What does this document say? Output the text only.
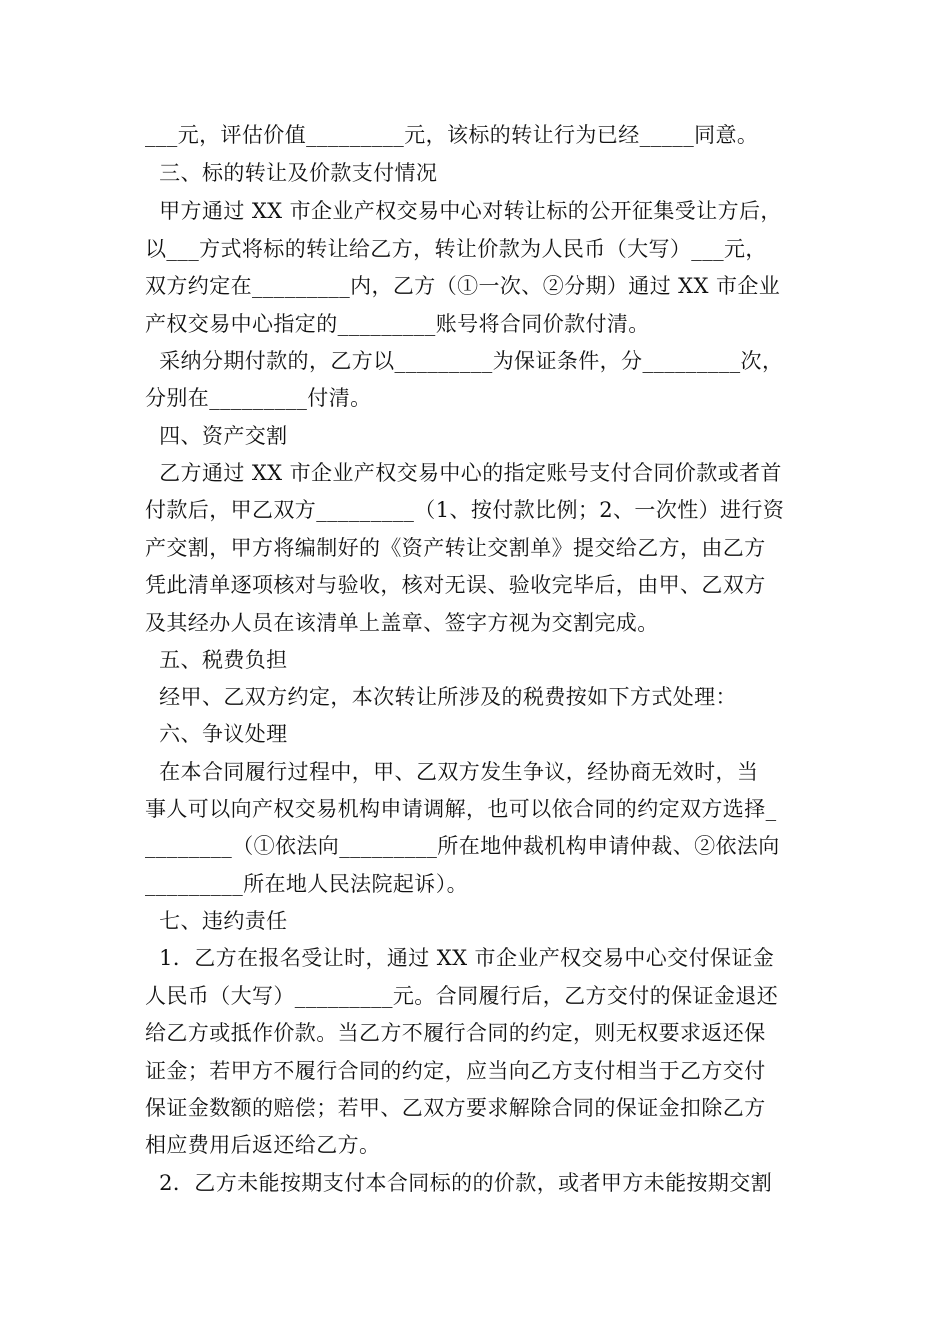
___元，评估价值_________元，该标的转让行为已经_____同意。
三、标的转让及价款支付情况
甲方通过 XX 市企业产权交易中心对转让标的公开征集受让方后，
以___方式将标的转让给乙方，转让价款为人民币（大写）___元，
双方约定在_________内，乙方（①一次、②分期）通过 XX 市企业
产权交易中心指定的_________账号将合同价款付清。
采纳分期付款的，乙方以_________为保证条件，分_________次，
分别在_________付清。
四、资产交割
乙方通过 XX 市企业产权交易中心的指定账号支付合同价款或者首
付款后，甲乙双方_________（1、按付款比例；2、一次性）进行资
产交割，甲方将编制好的《资产转让交割单》提交给乙方，由乙方
凭此清单逐项核对与验收，核对无误、验收完毕后，由甲、乙双方
及其经办人员在该清单上盖章、签字方视为交割完成。
五、税费负担
经甲、乙双方约定，本次转让所涉及的税费按如下方式处理：
六、争议处理
在本合同履行过程中，甲、乙双方发生争议，经协商无效时，当
事人可以向产权交易机构申请调解，也可以依合同的约定双方选择_
________（①依法向_________所在地仲裁机构申请仲裁、②依法向
_________所在地人民法院起诉）。
七、违约责任
1．乙方在报名受让时，通过 XX 市企业产权交易中心交付保证金
人民币（大写）_________元。合同履行后，乙方交付的保证金退还
给乙方或抵作价款。当乙方不履行合同的约定，则无权要求返还保
证金；若甲方不履行合同的约定，应当向乙方支付相当于乙方交付
保证金数额的赔偿；若甲、乙双方要求解除合同的保证金扣除乙方
相应费用后返还给乙方。
2．乙方未能按期支付本合同标的的价款，或者甲方未能按期交割
